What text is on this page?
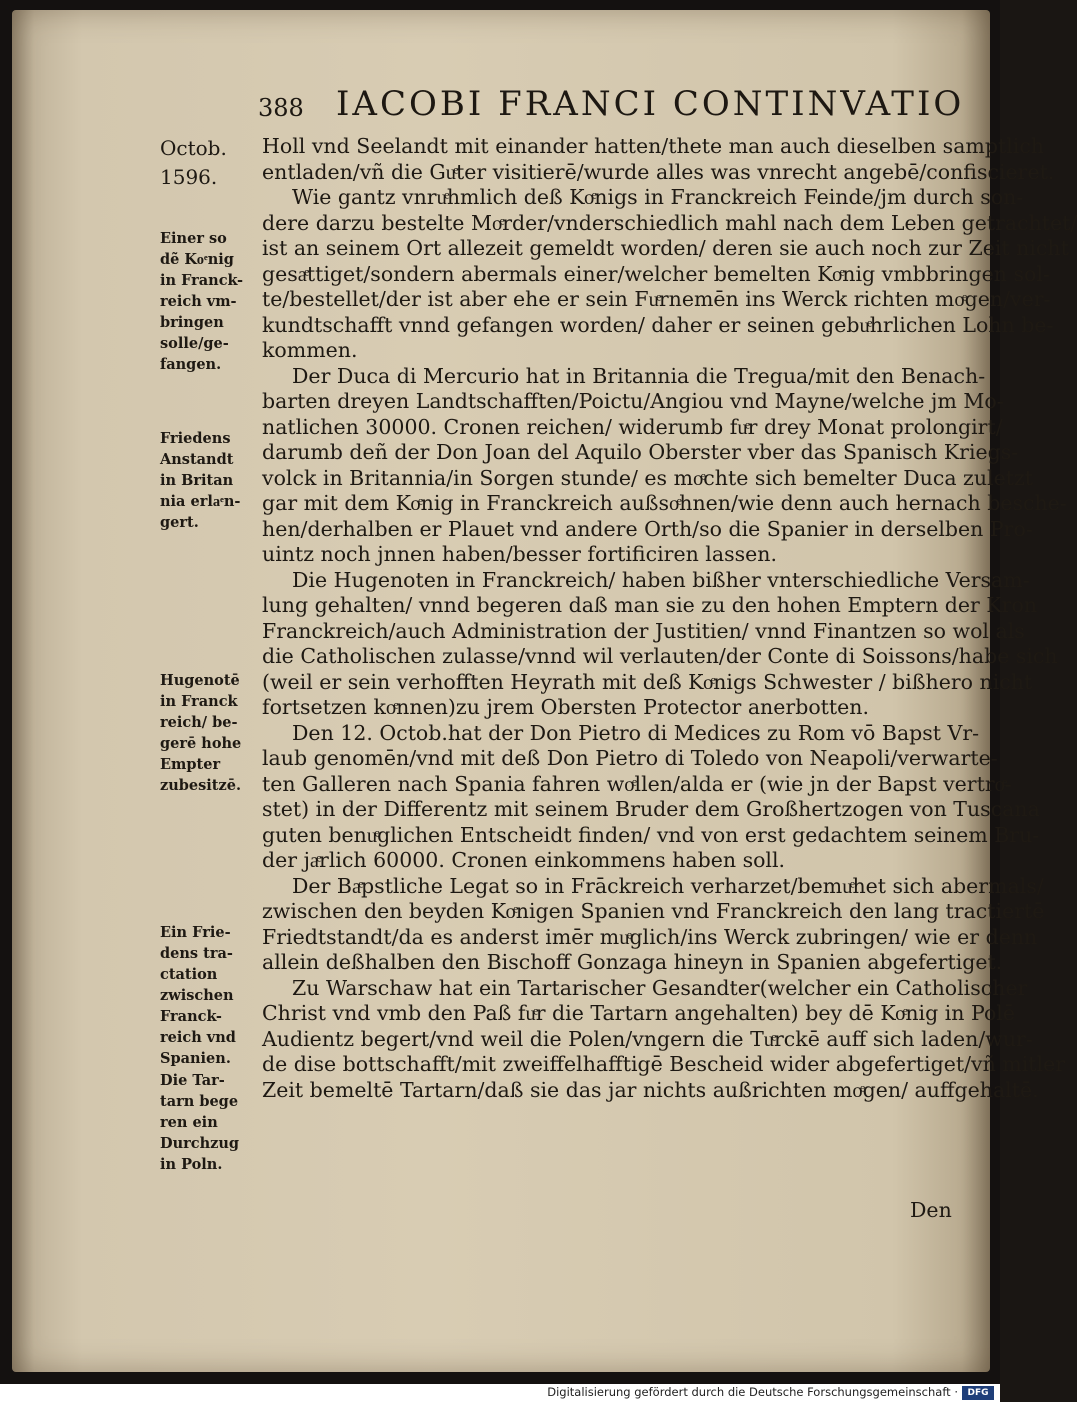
388 IACOBI FRANCI CONTINVATIO
Octob.
1596.
Einer so
dẽ Koͤnig
in Franck-
reich vm-
bringen
solle/ge-
fangen.
Friedens
Anstandt
in Britan
nia erlaͤn-
gert.
Hugenotē
in Franck
reich/ be-
gerē hohe
Empter
zubesitzē.
Ein Frie-
dens tra-
ctation
zwischen
Franck-
reich vnd
Spanien.
Die Tar-
tarn bege
ren ein
Durchzug
in Poln.
Holl vnd Seelandt mit einander hatten/thete man auch dieselben samptlich
entladen/vñ die Guͤter visitierē/wurde alles was vnrecht angebē/confiscieret.
Wie gantz vnruͤhmlich deß Koͤnigs in Franckreich Feinde/jm durch son-
dere darzu bestelte Moͤrder/vnderschiedlich mahl nach dem Leben getrachtet/
ist an seinem Ort allezeit gemeldt worden/ deren sie auch noch zur Zeit nicht
gesaͤttiget/sondern abermals einer/welcher bemelten Koͤnig vmbbringen sol-
te/bestellet/der ist aber ehe er sein Fuͤrnemēn ins Werck richten moͤgen/ver-
kundtschafft vnnd gefangen worden/ daher er seinen gebuͤhrlichen Lohn be-
kommen.
Der Duca di Mercurio hat in Britannia die Tregua/mit den Benach-
barten dreyen Landtschafften/Poictu/Angiou vnd Mayne/welche jm Mo-
natlichen 30000. Cronen reichen/ widerumb fuͤr drey Monat prolongirt/
darumb deñ der Don Joan del Aquilo Oberster vber das Spanisch Kriegs-
volck in Britannia/in Sorgen stunde/ es moͤchte sich bemelter Duca zuletzt
gar mit dem Koͤnig in Franckreich außsoͤhnen/wie denn auch hernach besche-
hen/derhalben er Plauet vnd andere Orth/so die Spanier in derselben Pro-
uintz noch jnnen haben/besser fortificiren lassen.
Die Hugenoten in Franckreich/ haben bißher vnterschiedliche Versam-
lung gehalten/ vnnd begeren daß man sie zu den hohen Emptern der Kron
Franckreich/auch Administration der Justitien/ vnnd Finantzen so wol als
die Catholischen zulasse/vnnd wil verlauten/der Conte di Soissons/habe sich
(weil er sein verhofften Heyrath mit deß Koͤnigs Schwester / bißhero nicht
fortsetzen koͤnnen)zu jrem Obersten Protector anerbotten.
Den 12. Octob.hat der Don Pietro di Medices zu Rom vō Bapst Vr-
laub genomēn/vnd mit deß Don Pietro di Toledo von Neapoli/verwarte-
ten Galleren nach Spania fahren woͤllen/alda er (wie jn der Bapst vertroͤ-
stet) in der Differentz mit seinem Bruder dem Großhertzogen von Tuscana
guten benuͤglichen Entscheidt finden/ vnd von erst gedachtem seinem Bru-
der jaͤrlich 60000. Cronen einkommens haben soll.
Der Baͤpstliche Legat so in Frāckreich verharzet/bemuͤhet sich abermals/
zwischen den beyden Koͤnigen Spanien vnd Franckreich den lang tractiertē
Friedtstandt/da es anderst imēr muͤglich/ins Werck zubringen/ wie er denn
allein deßhalben den Bischoff Gonzaga hineyn in Spanien abgefertiget.
Zu Warschaw hat ein Tartarischer Gesandter(welcher ein Catholischer
Christ vnd vmb den Paß fuͤr die Tartarn angehalten) bey dē Koͤnig in Polē
Audientz begert/vnd weil die Polen/vngern die Tuͤrckē auff sich laden/wur-
de dise bottschafft/mit zweiffelhafftigē Bescheid wider abgefertiget/vñ mitler
Zeit bemeltē Tartarn/daß sie das jar nichts außrichten moͤgen/ auffgehaltē.
Den
Digitalisierung gefördert durch die Deutsche Forschungsgemeinschaft ·	DFG
